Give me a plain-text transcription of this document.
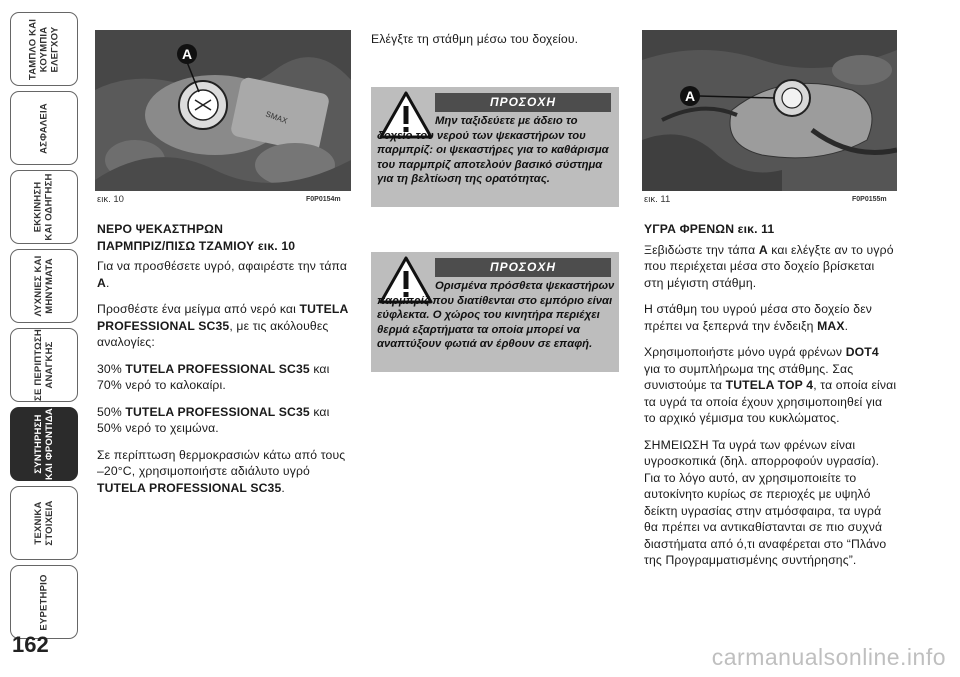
ΤΑΜΠΛΟ ΚΑΙ
ΚΟΥΜΠΙΑ
ΕΛΕΓΧΟΥ
ΑΣΦΑΛΕΙΑ
ΕΚΚΙΝΗΣΗ
ΚΑΙ ΟΔΗΓΗΣΗ
ΛΥΧΝΙΕΣ ΚΑΙ
ΜΗΝΥΜΑΤΑ
ΣΕ ΠΕΡΙΠΤΩΣΗ
ΑΝΑΓΚΗΣ
ΣΥΝΤΗΡΗΣΗ
ΚΑΙ ΦΡΟΝΤΙΔΑ
ΤΕΧΝΙΚΑ
ΣΤΟΙΧΕΙΑ
ΕΥΡΕΤΗΡΙΟ
162
A
SMAX
εικ. 10	F0P0154m

ΝΕΡΟ ΨΕΚΑΣΤΗΡΩΝ
ΠΑΡΜΠΡΙΖ/ΠΙΣΩ ΤΖΑΜΙΟΥ εικ. 10

Για να προσθέσετε υγρό, αφαιρέστε την τάπα A.

Προσθέστε ένα μείγμα από νερό και TUTELA PROFESSIONAL SC35, με τις ακόλουθες αναλογίες:

30% TUTELA PROFESSIONAL SC35 και 70% νερό το καλοκαίρι.

50% TUTELA PROFESSIONAL SC35 και 50% νερό το χειμώνα.

Σε περίπτωση θερμοκρασιών κάτω από τους –20°C, χρησιμοποιήστε αδιάλυτο υγρό TUTELA PROFESSIONAL SC35.

Ελέγξτε τη στάθμη μέσω του δοχείου.
ΠΡΟΣΟΧΗ
Μην ταξιδεύετε με άδειο το δοχείο του νερού των ψεκαστήρων του παρμπρίζ: οι ψεκαστήρες για το καθάρισμα του παρμπρίζ αποτελούν βασικό σύστημα για τη βελτίωση της ορατότητας.
ΠΡΟΣΟΧΗ
Ορισμένα πρόσθετα ψεκαστήρων παρμπρίζ που διατίθενται στο εμπόριο είναι εύφλεκτα. Ο χώρος του κινητήρα περιέχει θερμά εξαρτήματα τα οποία μπορεί να αναπτύξουν φωτιά αν έρθουν σε επαφή.
A
εικ. 11	F0P0155m

ΥΓΡΑ ΦΡΕΝΩΝ εικ. 11

Ξεβιδώστε την τάπα A και ελέγξτε αν το υγρό που περιέχεται μέσα στο δοχείο βρίσκεται στη μέγιστη στάθμη.

Η στάθμη του υγρού μέσα στο δοχείο δεν πρέπει να ξεπερνά την ένδειξη MAX.

Χρησιμοποιήστε μόνο υγρά φρένων DOT4 για το συμπλήρωμα της στάθμης. Σας συνιστούμε τα TUTELA TOP 4, τα οποία είναι τα υγρά τα οποία έχουν χρησιμοποιηθεί για το αρχικό γέμισμα του κυκλώματος.

ΣΗΜΕΙΩΣΗ Τα υγρά των φρένων είναι υγροσκοπικά (δηλ. απορροφούν υγρασία). Για το λόγο αυτό, αν χρησιμοποιείτε το αυτοκίνητο κυρίως σε περιοχές με υψηλό δείκτη υγρασίας στην ατμόσφαιρα, τα υγρά θα πρέπει να αντικαθίστανται σε πιο συχνά διαστήματα από ό,τι αναφέρεται στο “Πλάνο της Προγραμματισμένης συντήρησης”.

carmanualsonline.info
